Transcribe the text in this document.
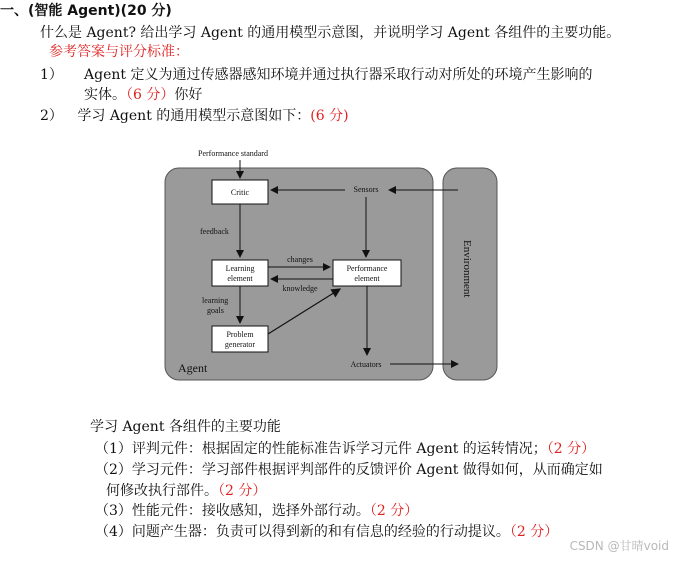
一、(智能 Agent)(20 分)
什么是 Agent? 给出学习 Agent 的通用模型示意图，并说明学习 Agent 各组件的主要功能。
参考答案与评分标准：
1） Agent 定义为通过传感器感知环境并通过执行器采取行动对所处的环境产生影响的
实体。（6 分）你好
2） 学习 Agent 的通用模型示意图如下：(6 分)
Performance standard
Critic	Sensors
feedback
Learning
element
Performance
element
changes
knowledge
learning
goals
Problem
generator
Actuators
Agent
Environment
学习 Agent 各组件的主要功能
（1）评判元件：根据固定的性能标准告诉学习元件 Agent 的运转情况；（2 分）
（2）学习元件：学习部件根据评判部件的反馈评价 Agent 做得如何，从而确定如
何修改执行部件。（2 分）
（3）性能元件：接收感知，选择外部行动。（2 分）
（4）问题产生器：负责可以得到新的和有信息的经验的行动提议。（2 分）
CSDN @甘晴void
